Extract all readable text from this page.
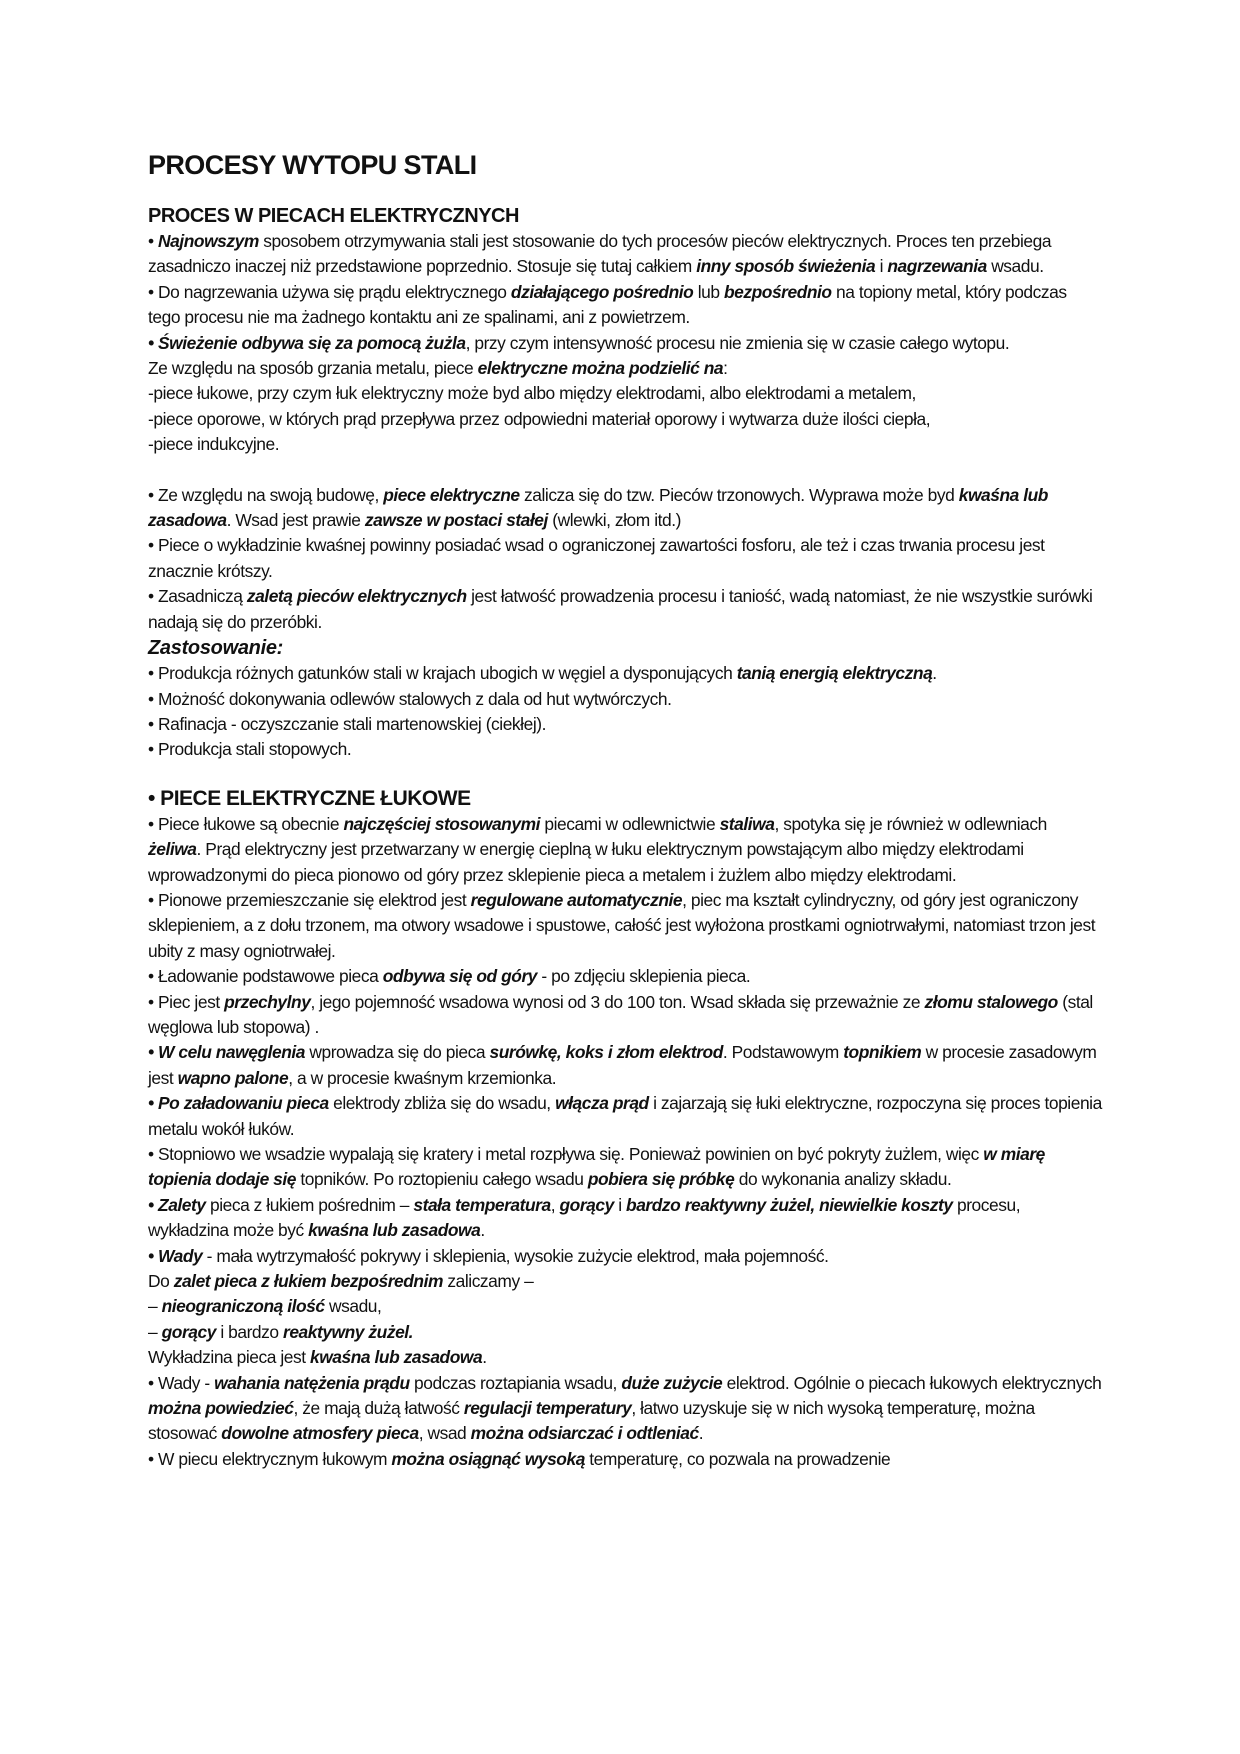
PROCESY WYTOPU STALI
PROCES W PIECACH ELEKTRYCZNYCH

• Najnowszym sposobem otrzymywania stali jest stosowanie do tych procesów pieców elektrycznych. Proces ten przebiega zasadniczo inaczej niż przedstawione poprzednio. Stosuje się tutaj całkiem inny sposób świeżenia i nagrzewania wsadu.

• Do nagrzewania używa się prądu elektrycznego działającego pośrednio lub bezpośrednio na topiony metal, który podczas tego procesu nie ma żadnego kontaktu ani ze spalinami, ani z powietrzem.

• Świeżenie odbywa się za pomocą żużla, przy czym intensywność procesu nie zmienia się w czasie całego wytopu.

Ze względu na sposób grzania metalu, piece elektryczne można podzielić na:

-piece łukowe, przy czym łuk elektryczny może byd albo między elektrodami, albo elektrodami a metalem,

-piece oporowe, w których prąd przepływa przez odpowiedni materiał oporowy i wytwarza duże ilości ciepła,

-piece indukcyjne.

• Ze względu na swoją budowę, piece elektryczne zalicza się do tzw. Pieców trzonowych. Wyprawa może byd kwaśna lub zasadowa. Wsad jest prawie zawsze w postaci stałej (wlewki, złom itd.)

• Piece o wykładzinie kwaśnej powinny posiadać wsad o ograniczonej zawartości fosforu, ale też i czas trwania procesu jest znacznie krótszy.

• Zasadniczą zaletą pieców elektrycznych jest łatwość prowadzenia procesu i taniość, wadą natomiast, że nie wszystkie surówki nadają się do przeróbki.

Zastosowanie:

• Produkcja różnych gatunków stali w krajach ubogich w węgiel a dysponujących tanią energią elektryczną.

• Możność dokonywania odlewów stalowych z dala od hut wytwórczych.

• Rafinacja - oczyszczanie stali martenowskiej (ciekłej).

• Produkcja stali stopowych.

• PIECE ELEKTRYCZNE ŁUKOWE

• Piece łukowe są obecnie najczęściej stosowanymi piecami w odlewnictwie staliwa, spotyka się je również w odlewniach żeliwa. Prąd elektryczny jest przetwarzany w energię cieplną w łuku elektrycznym powstającym albo między elektrodami wprowadzonymi do pieca pionowo od góry przez sklepienie pieca a metalem i żużlem albo między elektrodami.

• Pionowe przemieszczanie się elektrod jest regulowane automatycznie, piec ma kształt cylindryczny, od góry jest ograniczony sklepieniem, a z dołu trzonem, ma otwory wsadowe i spustowe, całość jest wyłożona prostkami ogniotrwałymi, natomiast trzon jest ubity z masy ogniotrwałej.

• Ładowanie podstawowe pieca odbywa się od góry - po zdjęciu sklepienia pieca.

• Piec jest przechylny, jego pojemność wsadowa wynosi od 3 do 100 ton. Wsad składa się przeważnie ze złomu stalowego (stal węglowa lub stopowa) .

• W celu nawęglenia wprowadza się do pieca surówkę, koks i złom elektrod. Podstawowym topnikiem w procesie zasadowym jest wapno palone, a w procesie kwaśnym krzemionka.

• Po załadowaniu pieca elektrody zbliża się do wsadu, włącza prąd i zajarzają się łuki elektryczne, rozpoczyna się proces topienia metalu wokół łuków.

• Stopniowo we wsadzie wypalają się kratery i metal rozpływa się. Ponieważ powinien on być pokryty żużlem, więc w miarę topienia dodaje się topników. Po roztopieniu całego wsadu pobiera się próbkę do wykonania analizy składu.

• Zalety pieca z łukiem pośrednim – stała temperatura, gorący i bardzo reaktywny żużel, niewielkie koszty procesu, wykładzina może być kwaśna lub zasadowa.

• Wady - mała wytrzymałość pokrywy i sklepienia, wysokie zużycie elektrod, mała pojemność.

Do zalet pieca z łukiem bezpośrednim zaliczamy –

– nieograniczoną ilość wsadu,

– gorący i bardzo reaktywny żużel.

Wykładzina pieca jest kwaśna lub zasadowa.

• Wady - wahania natężenia prądu podczas roztapiania wsadu, duże zużycie elektrod. Ogólnie o piecach łukowych elektrycznych można powiedzieć, że mają dużą łatwość regulacji temperatury, łatwo uzyskuje się w nich wysoką temperaturę, można stosować dowolne atmosfery pieca, wsad można odsiarczać i odtleniać.

• W piecu elektrycznym łukowym można osiągnąć wysoką temperaturę, co pozwala na prowadzenie
